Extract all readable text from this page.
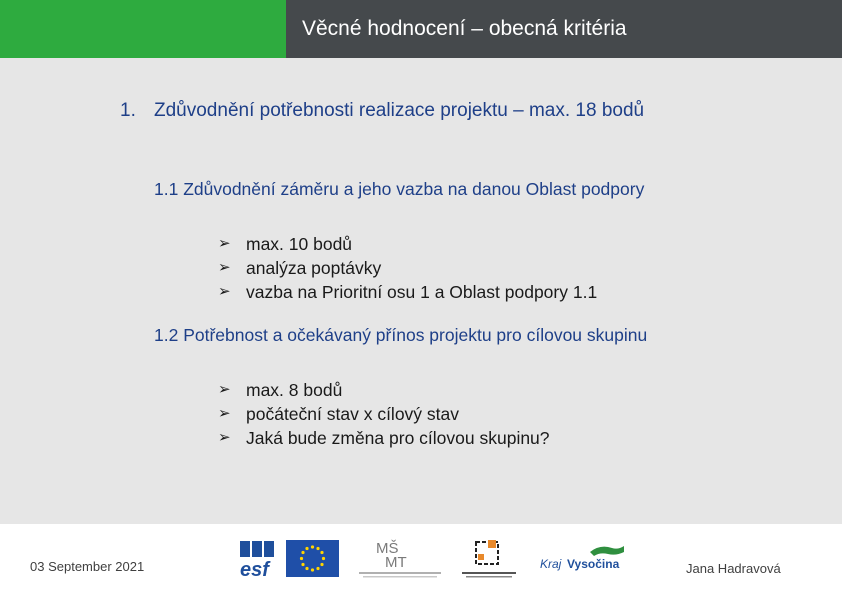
Věcné hodnocení – obecná kritéria
1. Zdůvodnění potřebnosti realizace projektu – max. 18 bodů
1.1 Zdůvodnění záměru a jeho vazba na danou Oblast podpory
➢ max. 10 bodů
➢ analýza poptávky
➢ vazba na Prioritní osu 1 a Oblast podpory 1.1
1.2 Potřebnost a očekávaný přínos projektu pro cílovou skupinu
➢ max. 8 bodů
➢ počáteční stav x cílový stav
➢ Jaká bude změna pro cílovou skupinu?
03 September 2021	Jana Hadravová
esf
MŠ
MT	Kraj Vysočina
